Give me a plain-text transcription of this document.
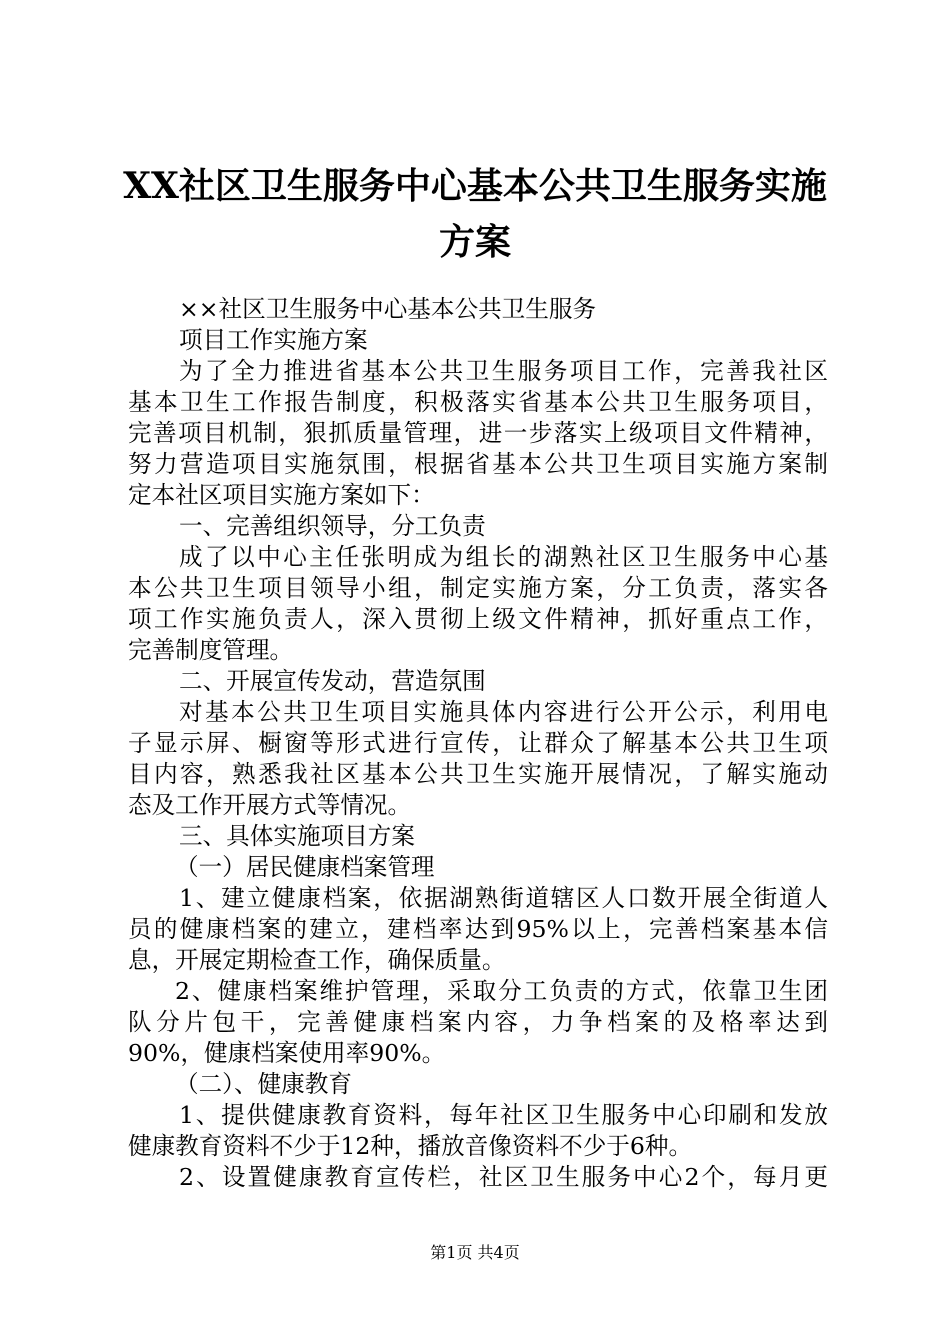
XX社区卫生服务中心基本公共卫生服务实施
方案
××社区卫生服务中心基本公共卫生服务
项目工作实施方案
为了全力推进省基本公共卫生服务项目工作，完善我社区
基本卫生工作报告制度，积极落实省基本公共卫生服务项目，
完善项目机制，狠抓质量管理，进一步落实上级项目文件精神，
努力营造项目实施氛围，根据省基本公共卫生项目实施方案制
定本社区项目实施方案如下：
一、完善组织领导，分工负责
成了以中心主任张明成为组长的湖熟社区卫生服务中心基
本公共卫生项目领导小组，制定实施方案，分工负责，落实各
项工作实施负责人，深入贯彻上级文件精神，抓好重点工作，
完善制度管理。
二、开展宣传发动，营造氛围
对基本公共卫生项目实施具体内容进行公开公示，利用电
子显示屏、橱窗等形式进行宣传，让群众了解基本公共卫生项
目内容，熟悉我社区基本公共卫生实施开展情况，了解实施动
态及工作开展方式等情况。
三、具体实施项目方案
（一）居民健康档案管理
1、建立健康档案，依据湖熟街道辖区人口数开展全街道人
员的健康档案的建立，建档率达到95%以上，完善档案基本信
息，开展定期检查工作，确保质量。
2、健康档案维护管理，采取分工负责的方式，依靠卫生团
队分片包干，完善健康档案内容，力争档案的及格率达到
90%，健康档案使用率90%。
（二）、健康教育
1、提供健康教育资料，每年社区卫生服务中心印刷和发放
健康教育资料不少于12种，播放音像资料不少于6种。
2、设置健康教育宣传栏，社区卫生服务中心2个，每月更
第1页 共4页
